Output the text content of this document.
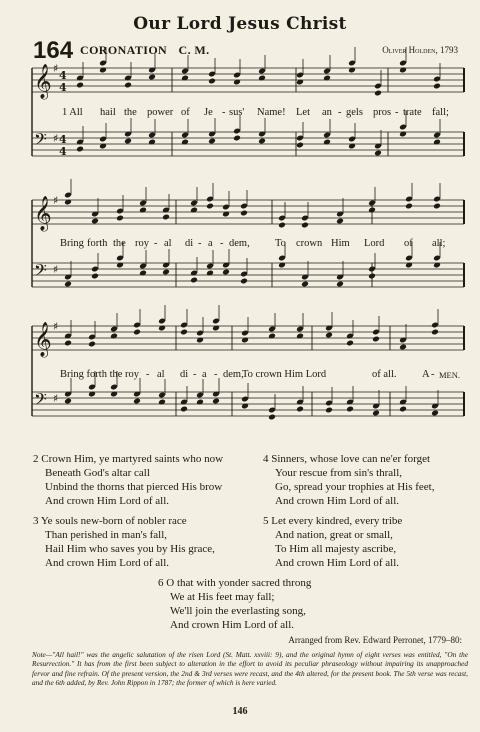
Our Lord Jesus Christ
164 CORONATION C. M.	Oliver Holden, 1793
𝄞 ♯
4
4
𝄢 ♯ 4
4
𝄞 ♯
𝄢 ♯
𝄞 ♯
𝄢 ♯
1 All hail the power of Je - sus' Name! Let an - gels pros - trate fall;
Bring forth the roy - al di - a - dem, To crown Him Lord of all;
Bring forth the roy - al di - a - dem,
To crown Him Lord	of all. A - MEN.
2 Crown Him, ye martyred saints who now
Beneath God's altar call
Unbind the thorns that pierced His brow
And crown Him Lord of all.
4 Sinners, whose love can ne'er forget
Your rescue from sin's thrall,
Go, spread your trophies at His feet,
And crown Him Lord of all.
3 Ye souls new-born of nobler race
Than perished in man's fall,
Hail Him who saves you by His grace,
And crown Him Lord of all.
5 Let every kindred, every tribe
And nation, great or small,
To Him all majesty ascribe,
And crown Him Lord of all.
6 O that with yonder sacred throng
We at His feet may fall;
We'll join the everlasting song,
And crown Him Lord of all.
Arranged from Rev. Edward Perronet, 1779–80:
Note—"All hail!" was the angelic salutation of the risen Lord (St. Matt. xxviii: 9), and the original hymn of eight verses was entitled, "On the Resurrection." It has from the first been subject to alteration in the effort to avoid its peculiar phraseology without impairing its unapproached fervor and fine refrain. Of the present version, the 2nd & 3rd verses were recast, and the 4th altered, for the present book. The 5th verse was recast, and the 6th added, by Rev. John Rippon in 1787; the former of which is here varied.
146
